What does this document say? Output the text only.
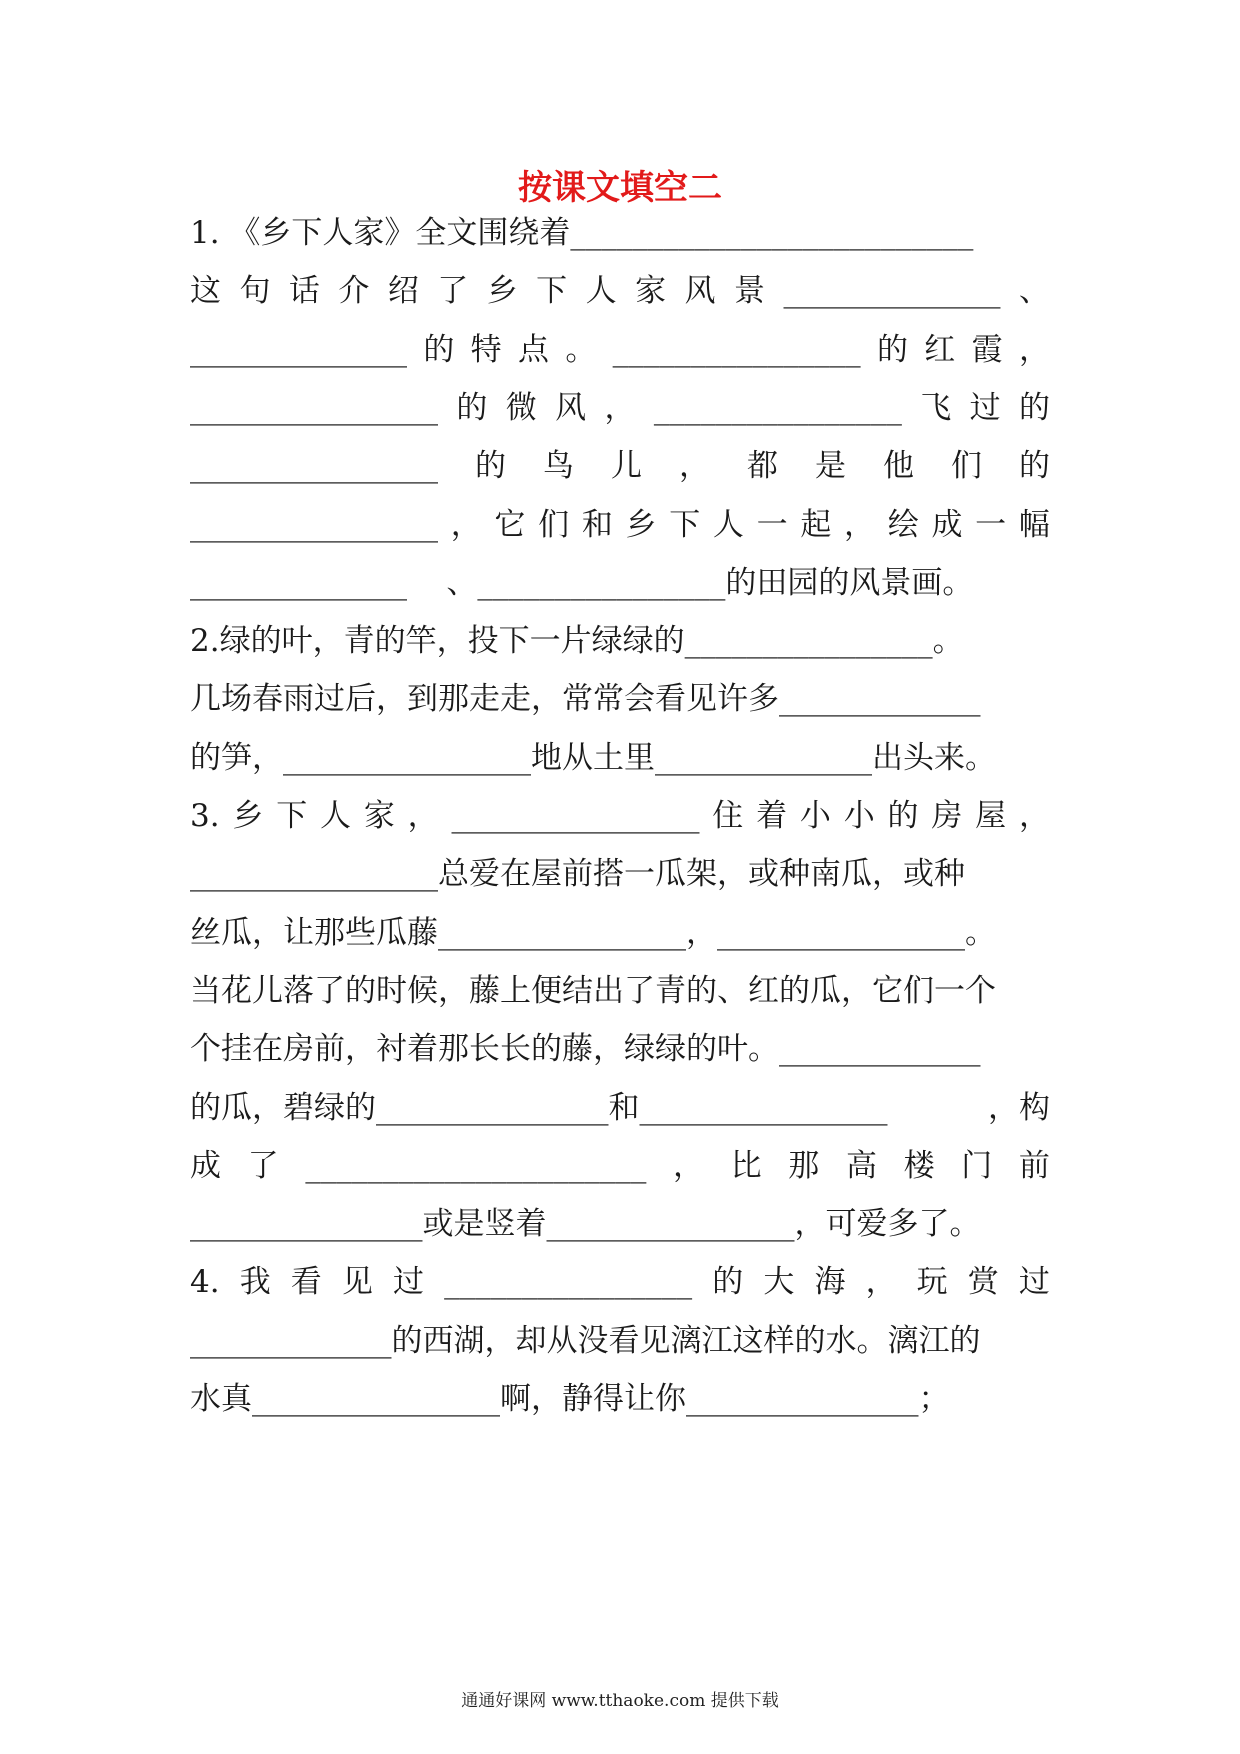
按课文填空二
1. 《乡下人家》全文围绕着__________________________
这 句 话 介 绍 了 乡 下 人 家 风 景 ______________ 、
______________ 的 特 点 。 ________________ 的 红 霞 ，
________________ 的 微 风 ， ________________ 飞 过 的
________________ 的 鸟 儿 ， 都 是 他 们 的
________________ ， 它 们 和 乡 下 人 一 起 ， 绘 成 一 幅
______________    、________________的田园的风景画。
2.绿的叶，青的竿，投下一片绿绿的________________。
几场春雨过后，到那走走，常常会看见许多_____________
的笋，________________地从土里______________出头来。
3. 乡 下 人 家 ， ________________ 住 着 小 小 的 房 屋 ，
________________总爱在屋前搭一瓜架，或种南瓜，或种
丝瓜，让那些瓜藤________________，________________。
当花儿落了的时候，藤上便结出了青的、红的瓜，它们一个
个挂在房前，衬着那长长的藤，绿绿的叶。_____________
的瓜，碧绿的_______________和________________	，构
成 了 ______________________ ， 比 那 高 楼 门 前
_______________或是竖着________________，可爱多了。
4. 我 看 见 过 ________________ 的 大 海 ， 玩 赏 过
_____________的西湖，却从没看见漓江这样的水。漓江的
水真________________啊，静得让你_______________；
通通好课网 www.tthaoke.com 提供下载
